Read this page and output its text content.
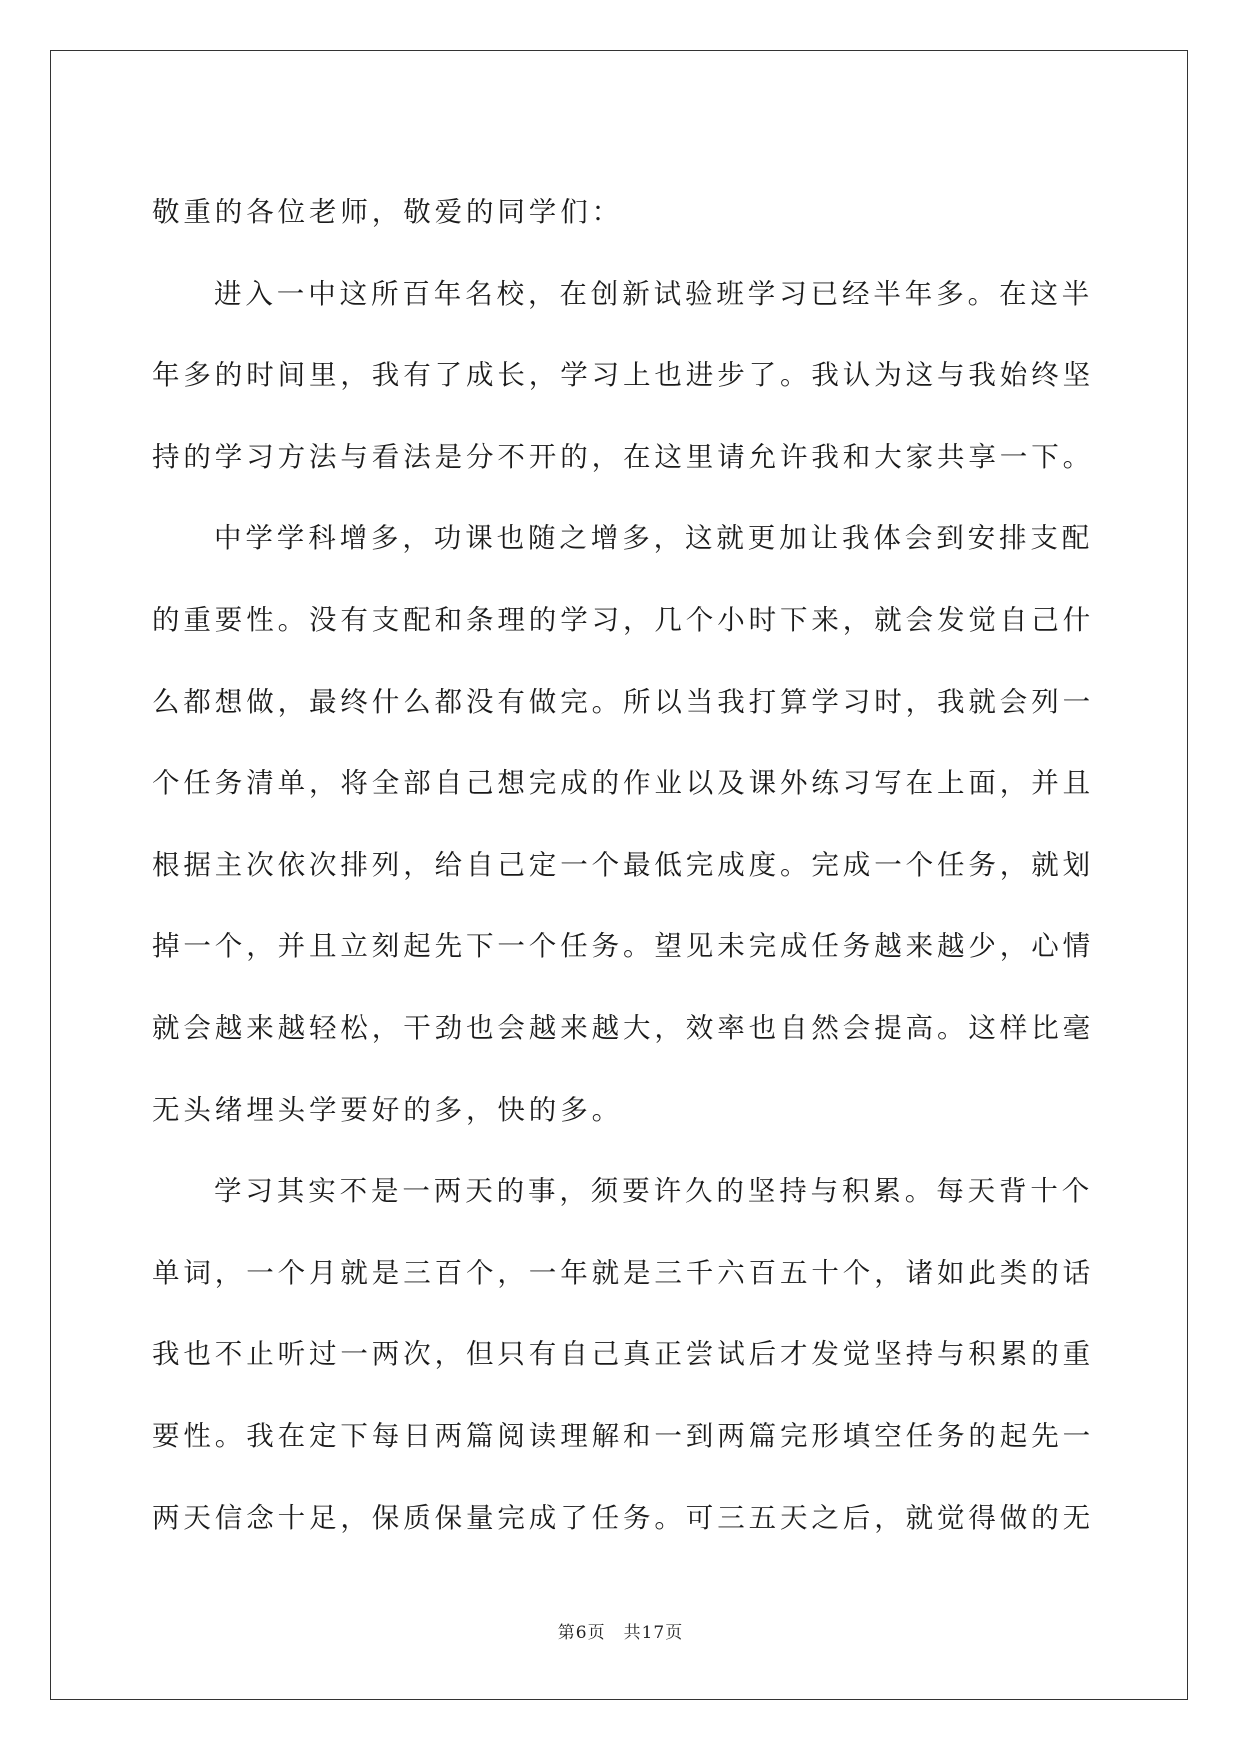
敬重的各位老师，敬爱的同学们：
进入一中这所百年名校，在创新试验班学习已经半年多。在这半
年多的时间里，我有了成长，学习上也进步了。我认为这与我始终坚
持的学习方法与看法是分不开的，在这里请允许我和大家共享一下。
中学学科增多，功课也随之增多，这就更加让我体会到安排支配
的重要性。没有支配和条理的学习，几个小时下来，就会发觉自己什
么都想做，最终什么都没有做完。所以当我打算学习时，我就会列一
个任务清单，将全部自己想完成的作业以及课外练习写在上面，并且
根据主次依次排列，给自己定一个最低完成度。完成一个任务，就划
掉一个，并且立刻起先下一个任务。望见未完成任务越来越少，心情
就会越来越轻松，干劲也会越来越大，效率也自然会提高。这样比毫
无头绪埋头学要好的多，快的多。
学习其实不是一两天的事，须要许久的坚持与积累。每天背十个
单词，一个月就是三百个，一年就是三千六百五十个，诸如此类的话
我也不止听过一两次，但只有自己真正尝试后才发觉坚持与积累的重
要性。我在定下每日两篇阅读理解和一到两篇完形填空任务的起先一
两天信念十足，保质保量完成了任务。可三五天之后，就觉得做的无
第6页　共17页
